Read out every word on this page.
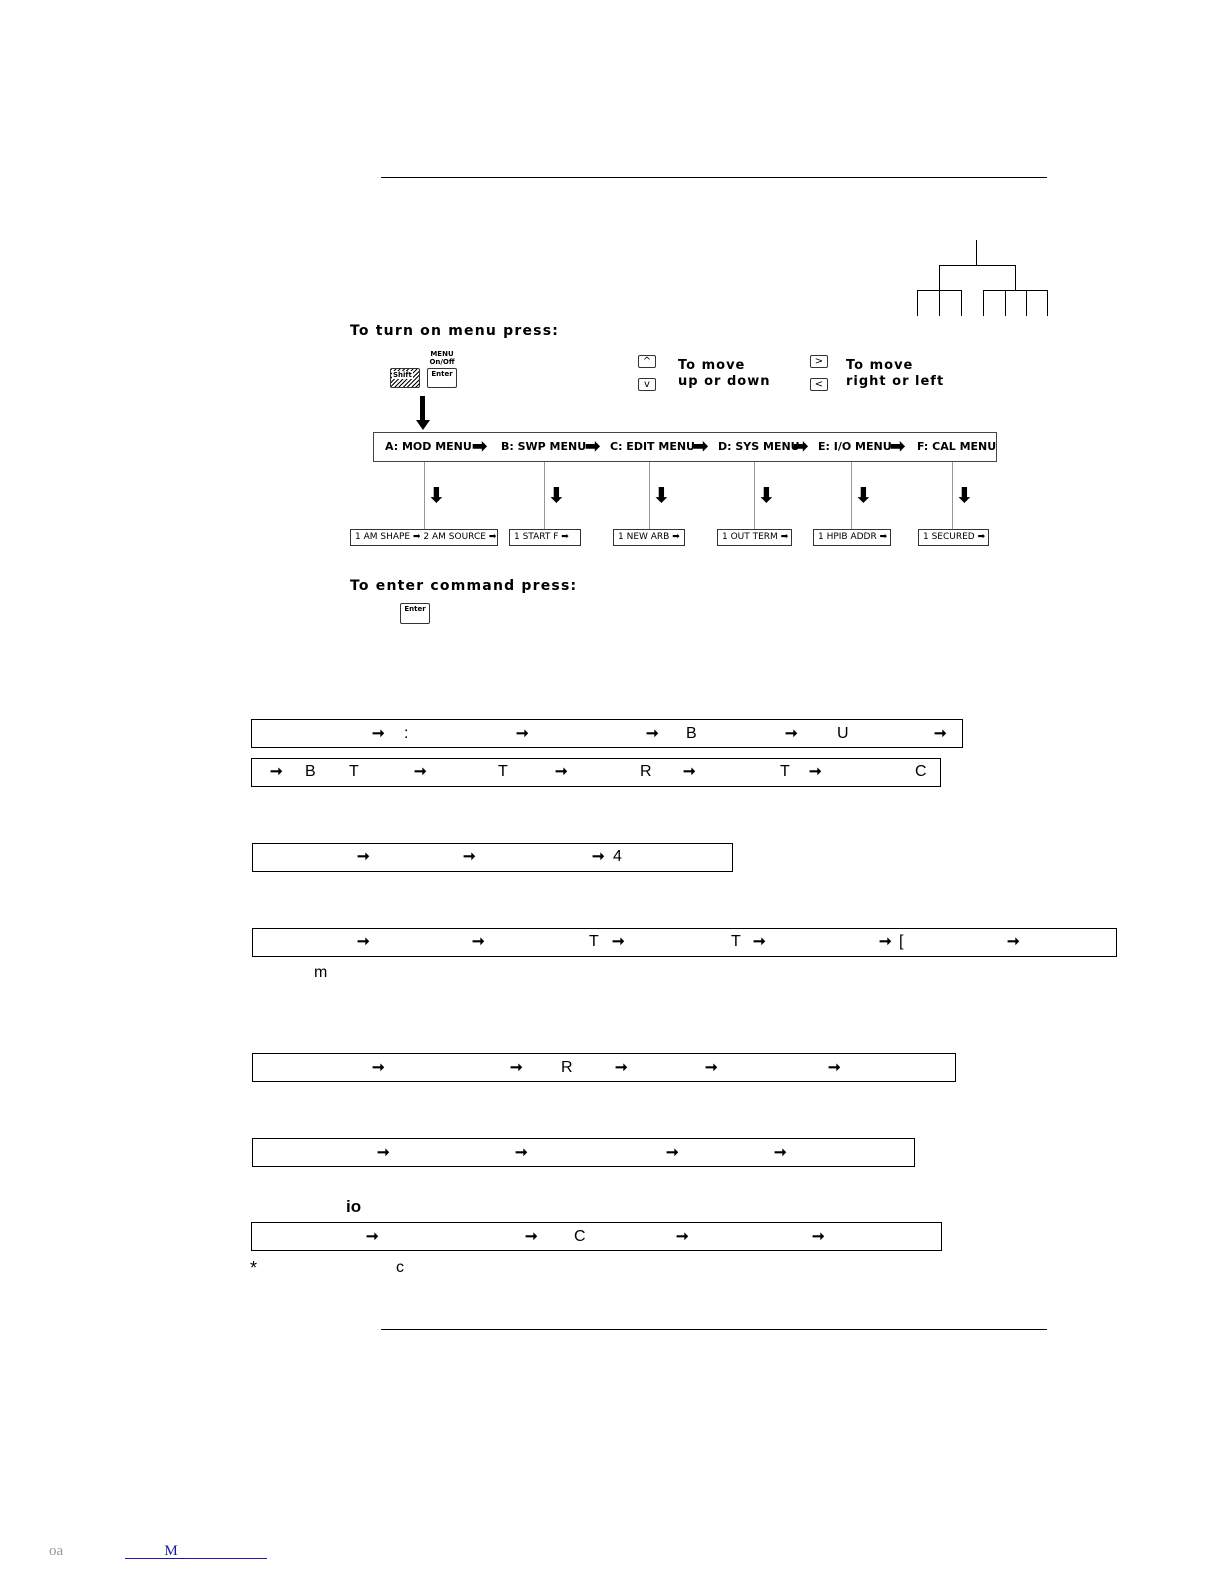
To turn on menu press:
Shift
MENU
On/Off
Enter
^
v
To move
up or down
>
<
To move
right or left
A: MOD MENU ➡ B: SWP MENU
➡ C: EDIT MENU
➡ D: SYS MENU
➡ E: I/O MENU
➡ F: CAL MENU
⬇	⬇	⬇	⬇	⬇	⬇
1 AM SHAPE ➡ 2 AM SOURCE ➡	1 START F ➡	1 NEW ARB ➡	1 OUT TERM ➡	1 HPIB ADDR ➡	1 SECURED ➡
To enter command press:
Enter
➞ :	➞	➞ B	➞ U	➞
➞ B T	➞	T	➞	R ➞	T ➞	C
➞	➞	➞ 4
➞	➞	T ➞	T ➞	➞ [	➞
m
➞	➞ R	➞	➞	➞
➞	➞	➞	➞
io
➞	➞ C	➞	➞
*	c
oa	M
